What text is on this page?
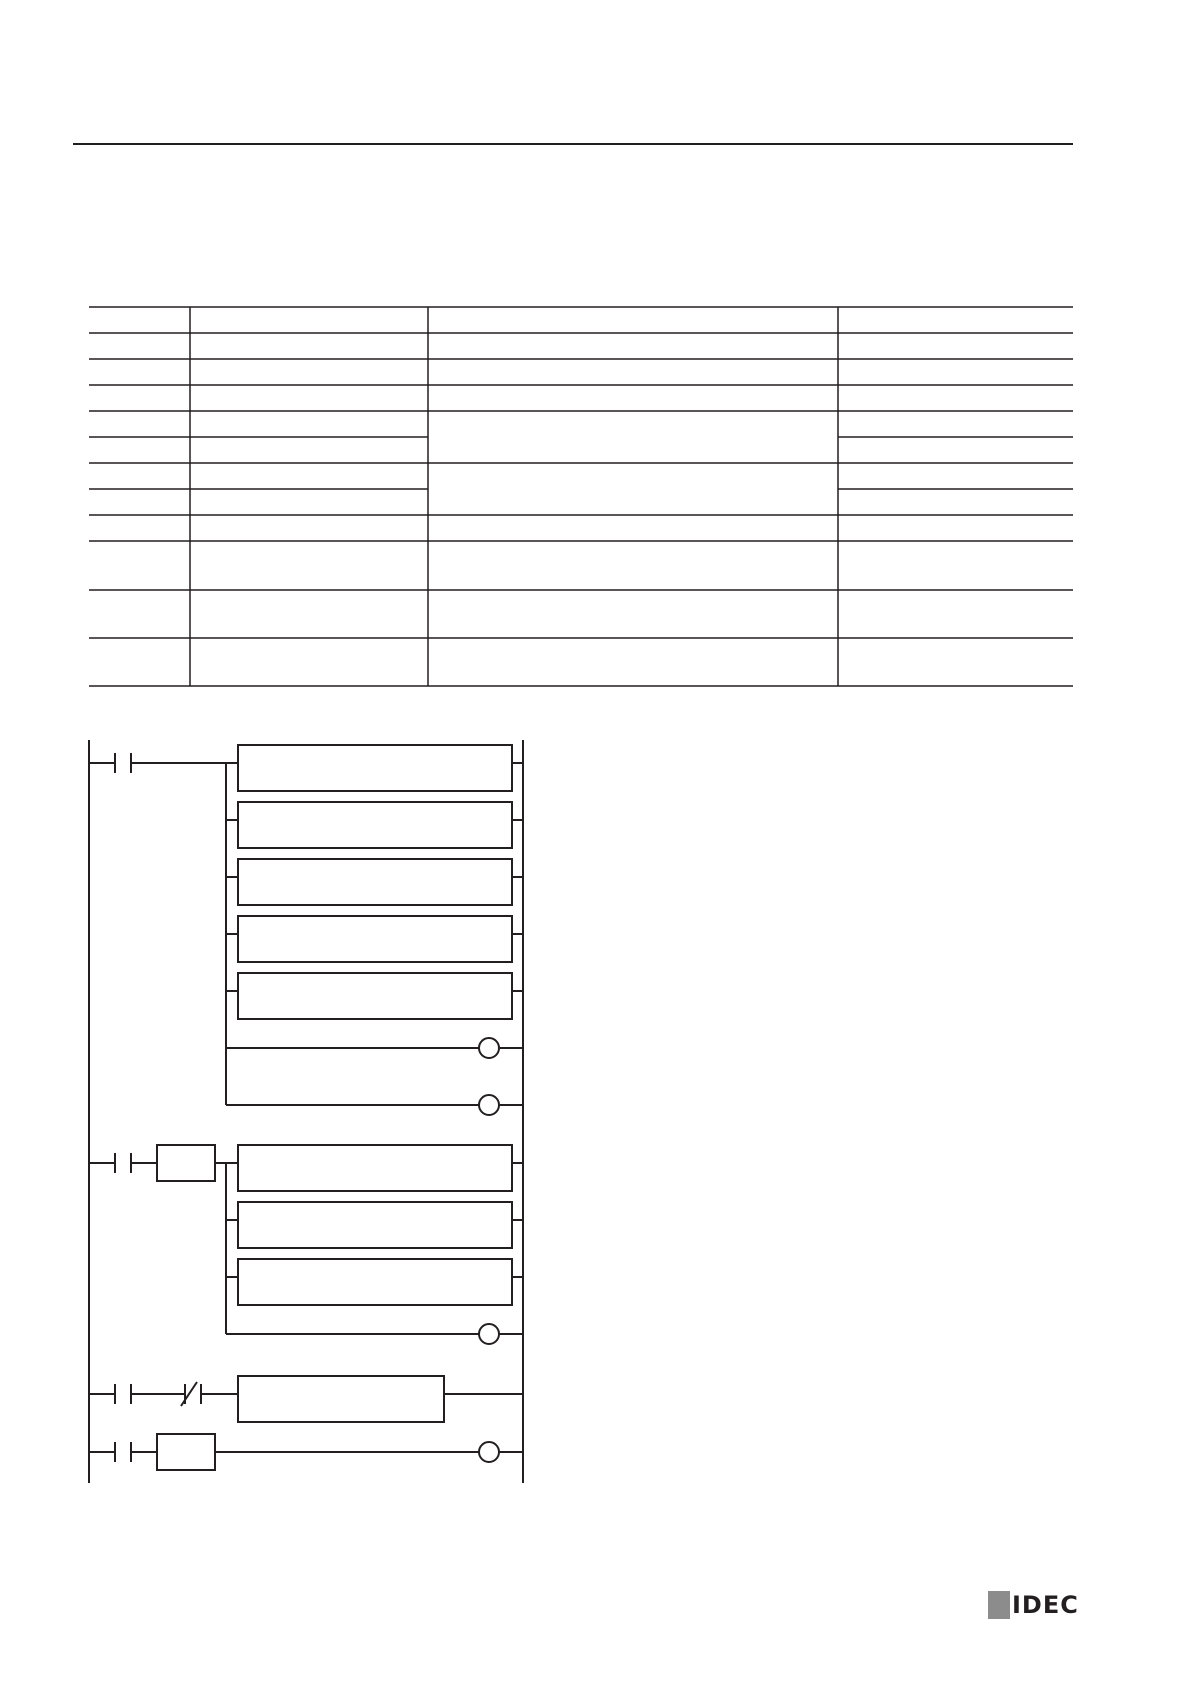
IDEC
